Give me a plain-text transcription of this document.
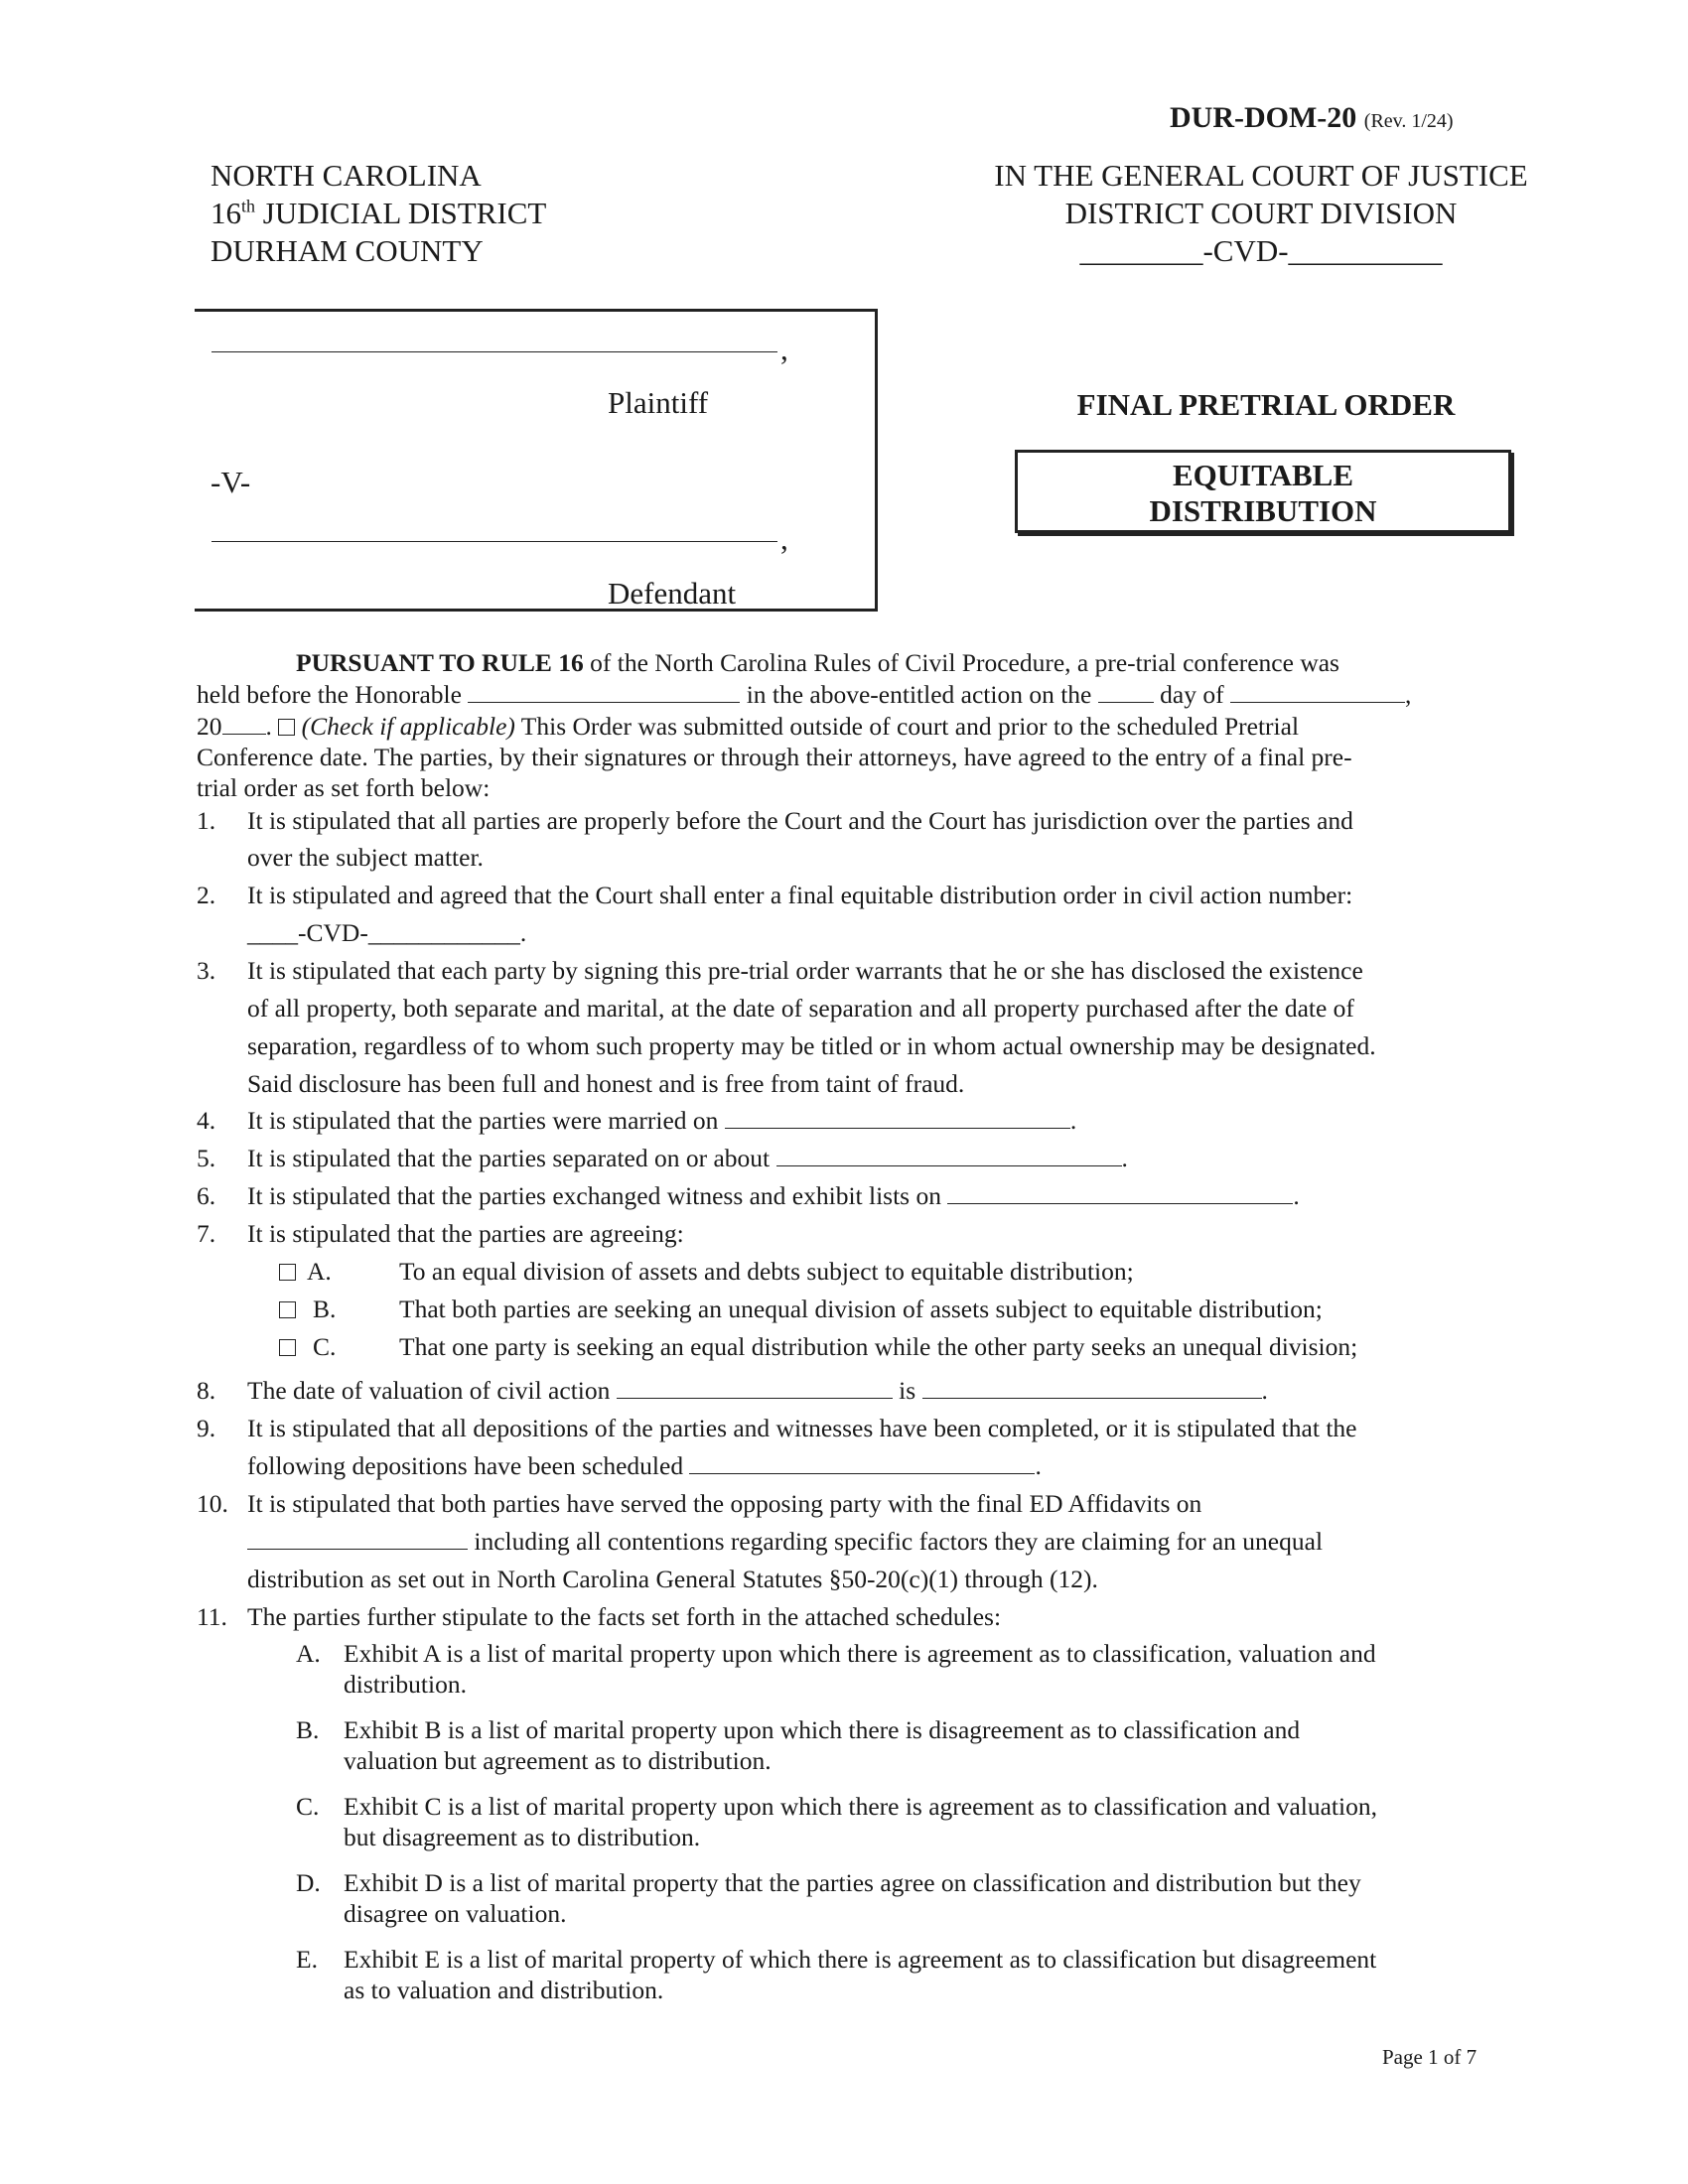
DUR-DOM-20 (Rev. 1/24)
NORTH CAROLINA
16th JUDICIAL DISTRICT
DURHAM COUNTY
IN THE GENERAL COURT OF JUSTICE
DISTRICT COURT DIVISION
________-CVD-__________
,
Plaintiff
-V-
,
Defendant
FINAL PRETRIAL ORDER
EQUITABLE
DISTRIBUTION
PURSUANT TO RULE 16 of the North Carolina Rules of Civil Procedure, a pre-trial conference was
held before the Honorable	in the above-entitled action on the  day of	,
20 .  (Check if applicable) This Order was submitted outside of court and prior to the scheduled Pretrial
Conference date. The parties, by their signatures or through their attorneys, have agreed to the entry of a final pre-
trial order as set forth below:
1. It is stipulated that all parties are properly before the Court and the Court has jurisdiction over the parties and
over the subject matter.
2. It is stipulated and agreed that the Court shall enter a final equitable distribution order in civil action number:
____-CVD-____________.
3. It is stipulated that each party by signing this pre-trial order warrants that he or she has disclosed the existence
of all property, both separate and marital, at the date of separation and all property purchased after the date of
separation, regardless of to whom such property may be titled or in whom actual ownership may be designated.
Said disclosure has been full and honest and is free from taint of fraud.
4. It is stipulated that the parties were married on	.
5. It is stipulated that the parties separated on or about	.
6. It is stipulated that the parties exchanged witness and exhibit lists on	.
7. It is stipulated that the parties are agreeing:
A.	To an equal division of assets and debts subject to equitable distribution;
B. That both parties are seeking an unequal division of assets subject to equitable distribution;
C. That one party is seeking an equal distribution while the other party seeks an unequal division;
8. The date of valuation of civil action	is	.
9. It is stipulated that all depositions of the parties and witnesses have been completed, or it is stipulated that the
following depositions have been scheduled	.
10. It is stipulated that both parties have served the opposing party with the final ED Affidavits on
including all contentions regarding specific factors they are claiming for an unequal
distribution as set out in North Carolina General Statutes §50-20(c)(1) through (12).
11. The parties further stipulate to the facts set forth in the attached schedules:
A. Exhibit A is a list of marital property upon which there is agreement as to classification, valuation and
distribution.
B. Exhibit B is a list of marital property upon which there is disagreement as to classification and
valuation but agreement as to distribution.
C. Exhibit C is a list of marital property upon which there is agreement as to classification and valuation,
but disagreement as to distribution.
D. Exhibit D is a list of marital property that the parties agree on classification and distribution but they
disagree on valuation.
E. Exhibit E is a list of marital property of which there is agreement as to classification but disagreement
as to valuation and distribution.
Page 1 of 7
